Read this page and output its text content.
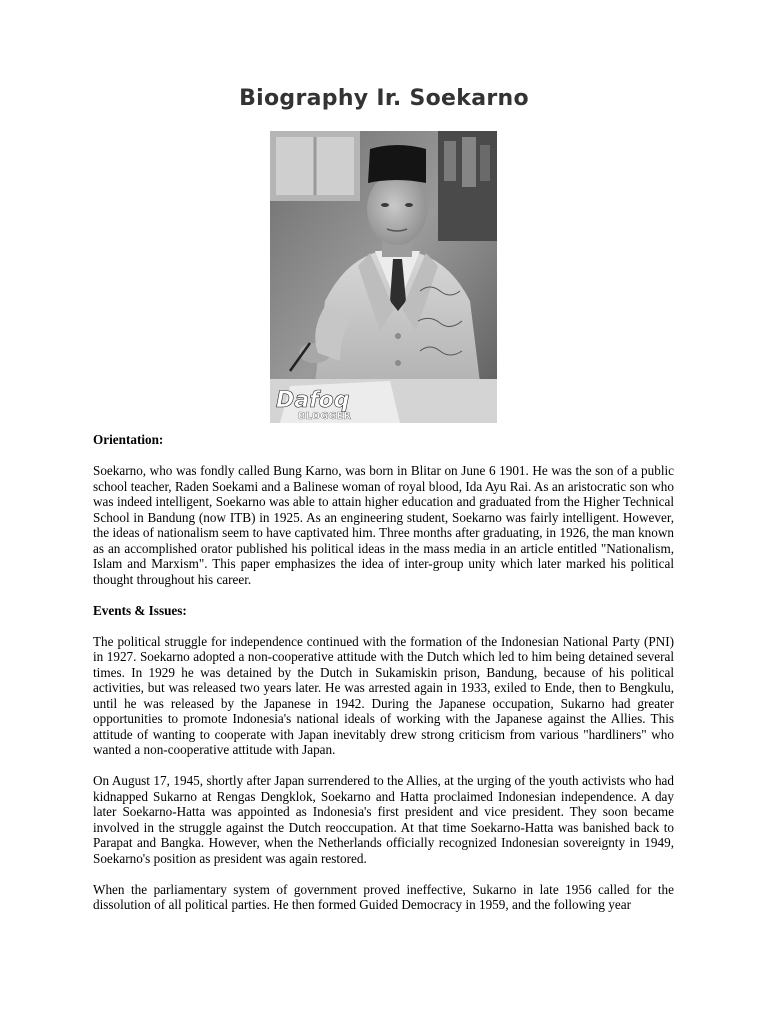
Biography Ir. Soekarno
Dafoq
BLOGGER
Orientation:

Soekarno, who was fondly called Bung Karno, was born in Blitar on June 6 1901. He was the son of a public school teacher, Raden Soekami and a Balinese woman of royal blood, Ida Ayu Rai. As an aristocratic son who was indeed intelligent, Soekarno was able to attain higher education and graduated from the Higher Technical School in Bandung (now ITB) in 1925. As an engineering student, Soekarno was fairly intelligent. However, the ideas of nationalism seem to have captivated him. Three months after graduating, in 1926, the man known as an accomplished orator published his political ideas in the mass media in an article entitled "Nationalism, Islam and Marxism". This paper emphasizes the idea of inter-group unity which later marked his political thought throughout his career.

Events & Issues:

The political struggle for independence continued with the formation of the Indonesian National Party (PNI) in 1927. Soekarno adopted a non-cooperative attitude with the Dutch which led to him being detained several times. In 1929 he was detained by the Dutch in Sukamiskin prison, Bandung, because of his political activities, but was released two years later. He was arrested again in 1933, exiled to Ende, then to Bengkulu, until he was released by the Japanese in 1942. During the Japanese occupation, Sukarno had greater opportunities to promote Indonesia's national ideals of working with the Japanese against the Allies. This attitude of wanting to cooperate with Japan inevitably drew strong criticism from various "hardliners" who wanted a non-cooperative attitude with Japan.

On August 17, 1945, shortly after Japan surrendered to the Allies, at the urging of the youth activists who had kidnapped Sukarno at Rengas Dengklok, Soekarno and Hatta proclaimed Indonesian independence. A day later Soekarno-Hatta was appointed as Indonesia's first president and vice president. They soon became involved in the struggle against the Dutch reoccupation. At that time Soekarno-Hatta was banished back to Parapat and Bangka. However, when the Netherlands officially recognized Indonesian sovereignty in 1949, Soekarno's position as president was again restored.

When the parliamentary system of government proved ineffective, Sukarno in late 1956 called for the dissolution of all political parties. He then formed Guided Democracy in 1959, and the following year
